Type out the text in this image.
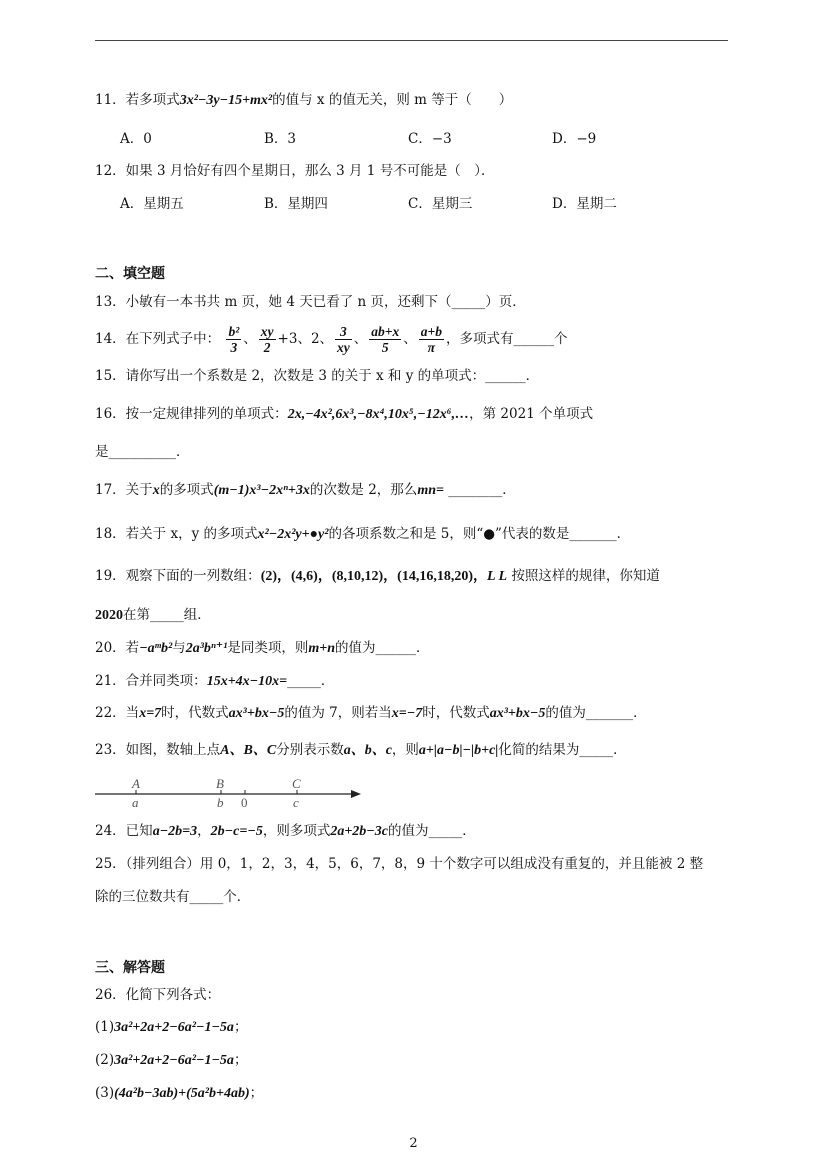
11．若多项式3x²−3y−15+mx²的值与 x 的值无关，则 m 等于（　　）
A．0	B．3	C．−3	D．−9
12．如果 3 月恰好有四个星期日，那么 3 月 1 号不可能是（　）．
A．星期五	B．星期四	C．星期三	D．星期二
二、填空题
13．小敏有一本书共 m 页，她 4 天已看了 n 页，还剩下（_____）页．
14．在下列式子中： $\frac{\text{b²}}{3}$ 、 $\frac{xy}{2} +3$、2、 $\frac{3}{xy}$ 、 $\frac{ab+x}{5}$ 、 $\frac{a+b}{\pi}$ ，多项式有______个
15．请你写出一个系数是 2，次数是 3 的关于 x 和 y 的单项式：______．
16．按一定规律排列的单项式：2x,−4x²,6x³,−8x⁴,10x⁵,−12x⁶,…，第 2021 个单项式
是__________．
17．关于x的多项式(m−1)x³−2xⁿ+3x的次数是 2，那么mn= ________．
18．若关于 x，y 的多项式x²−2x²y+●y²的各项系数之和是 5，则“●”代表的数是_______．
19．观察下面的一列数组：(2)，(4,6)，(8,10,12)，(14,16,18,20)，L L 按照这样的规律，你知道
2020在第_____组．
20．若−aᵐb²与2a³bⁿ⁺¹是同类项，则m+n的值为______．
21．合并同类项：15x+4x−10x=_____．
22．当x=7时，代数式ax³+bx−5的值为 7，则若当x=−7时，代数式ax³+bx−5的值为_______．
23．如图，数轴上点A、B、C分别表示数a、b、c，则a+|a−b|−|b+c|化简的结果为_____．
A	B	C
a	b 0	c
24．已知a−2b=3，2b−c=−5，则多项式2a+2b−3c的值为_____．
25．（排列组合）用 0，1，2，3，4，5，6，7，8，9 十个数字可以组成没有重复的，并且能被 2 整
除的三位数共有_____个．
三、解答题
26．化简下列各式：
(1)3a²+2a+2−6a²−1−5a；
(2)3a²+2a+2−6a²−1−5a；
(3)(4a²b−3ab)+(5a²b+4ab)；
2
